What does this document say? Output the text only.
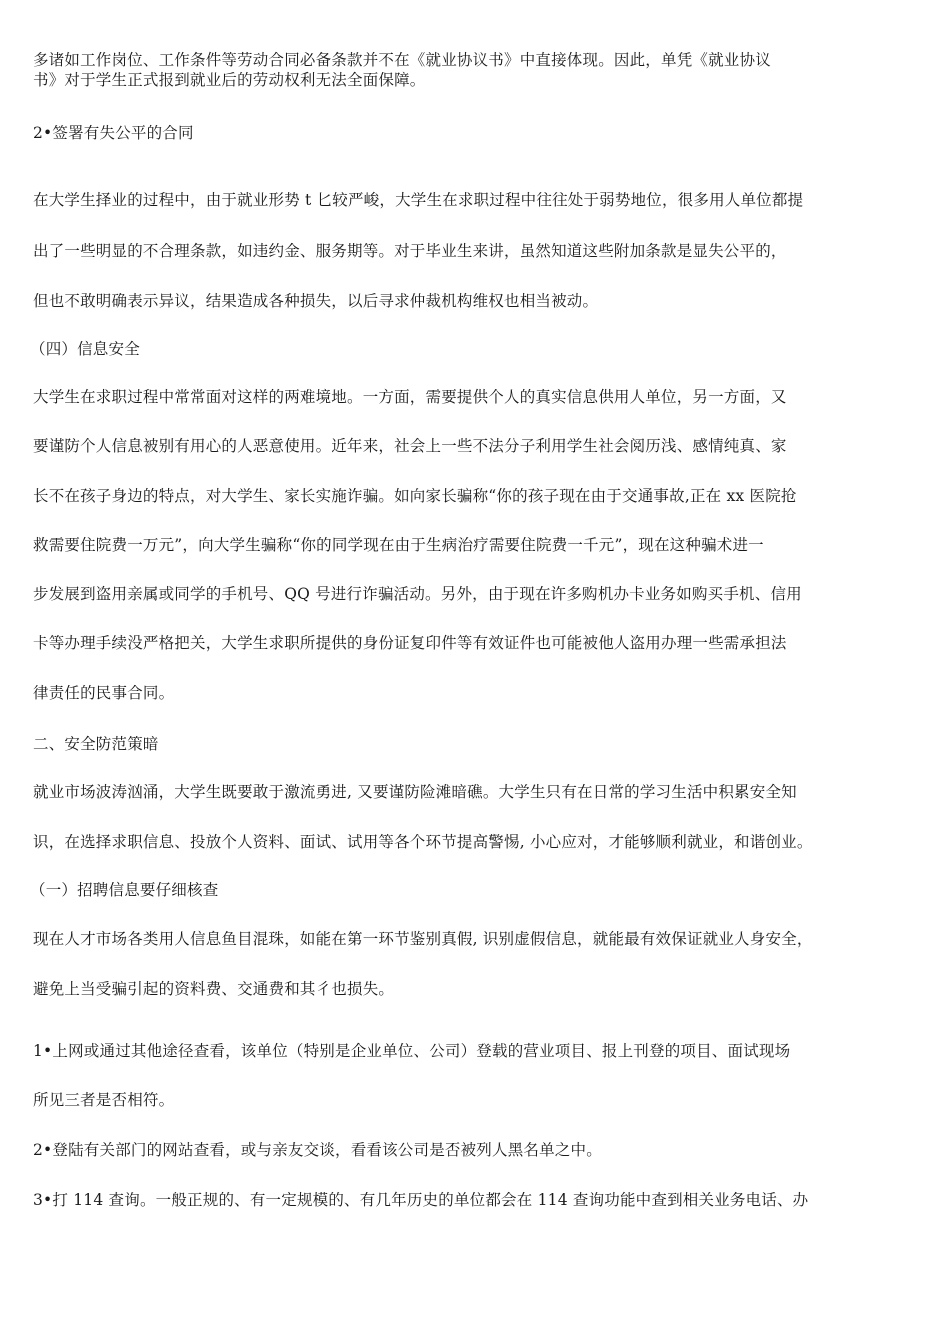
多诸如工作岗位、工作条件等劳动合同必备条款并不在《就业协议书》中直接体现。因此，单凭《就业协议
书》对于学生正式报到就业后的劳动权利无法全面保障。
2•签署有失公平的合同
在大学生择业的过程中，由于就业形势 t 匕较严峻，大学生在求职过程中往往处于弱势地位，很多用人单位都提
出了一些明显的不合理条款，如违约金、服务期等。对于毕业生来讲，虽然知道这些附加条款是显失公平的，
但也不敢明确表示异议，结果造成各种损失，以后寻求仲裁机构维权也相当被动。
（四）信息安全
大学生在求职过程中常常面对这样的两难境地。一方面，需要提供个人的真实信息供用人单位，另一方面，又
要谨防个人信息被别有用心的人恶意使用。近年来，社会上一些不法分子利用学生社会阅历浅、感情纯真、家
长不在孩子身边的特点，对大学生、家长实施诈骗。如向家长骗称“你的孩子现在由于交通事故,正在 xx 医院抢
救需要住院费一万元”，向大学生骗称“你的同学现在由于生病治疗需要住院费一千元”，现在这种骗术进一
步发展到盗用亲属或同学的手机号、QQ 号进行诈骗活动。另外，由于现在许多购机办卡业务如购买手机、信用
卡等办理手续没严格把关，大学生求职所提供的身份证复印件等有效证件也可能被他人盗用办理一些需承担法
律责任的民事合同。
二、安全防范策暗
就业市场波涛汹涌，大学生既要敢于激流勇进, 又要谨防险滩暗礁。大学生只有在日常的学习生活中积累安全知
识，在选择求职信息、投放个人资料、面试、试用等各个环节提高警惕, 小心应对，才能够顺利就业，和谐创业。
（一）招聘信息要仔细核查
现在人才市场各类用人信息鱼目混珠，如能在第一环节鉴别真假, 识别虚假信息，就能最有效保证就业人身安全，
避免上当受骗引起的资料费、交通费和其彳也损失。
1•上网或通过其他途径查看，该单位（特别是企业单位、公司）登载的营业项目、报上刊登的项目、面试现场
所见三者是否相符。
2•登陆有关部门的网站查看，或与亲友交谈，看看该公司是否被列人黑名单之中。
3•打 114 查询。一般正规的、有一定规模的、有几年历史的单位都会在 114 查询功能中查到相关业务电话、办
